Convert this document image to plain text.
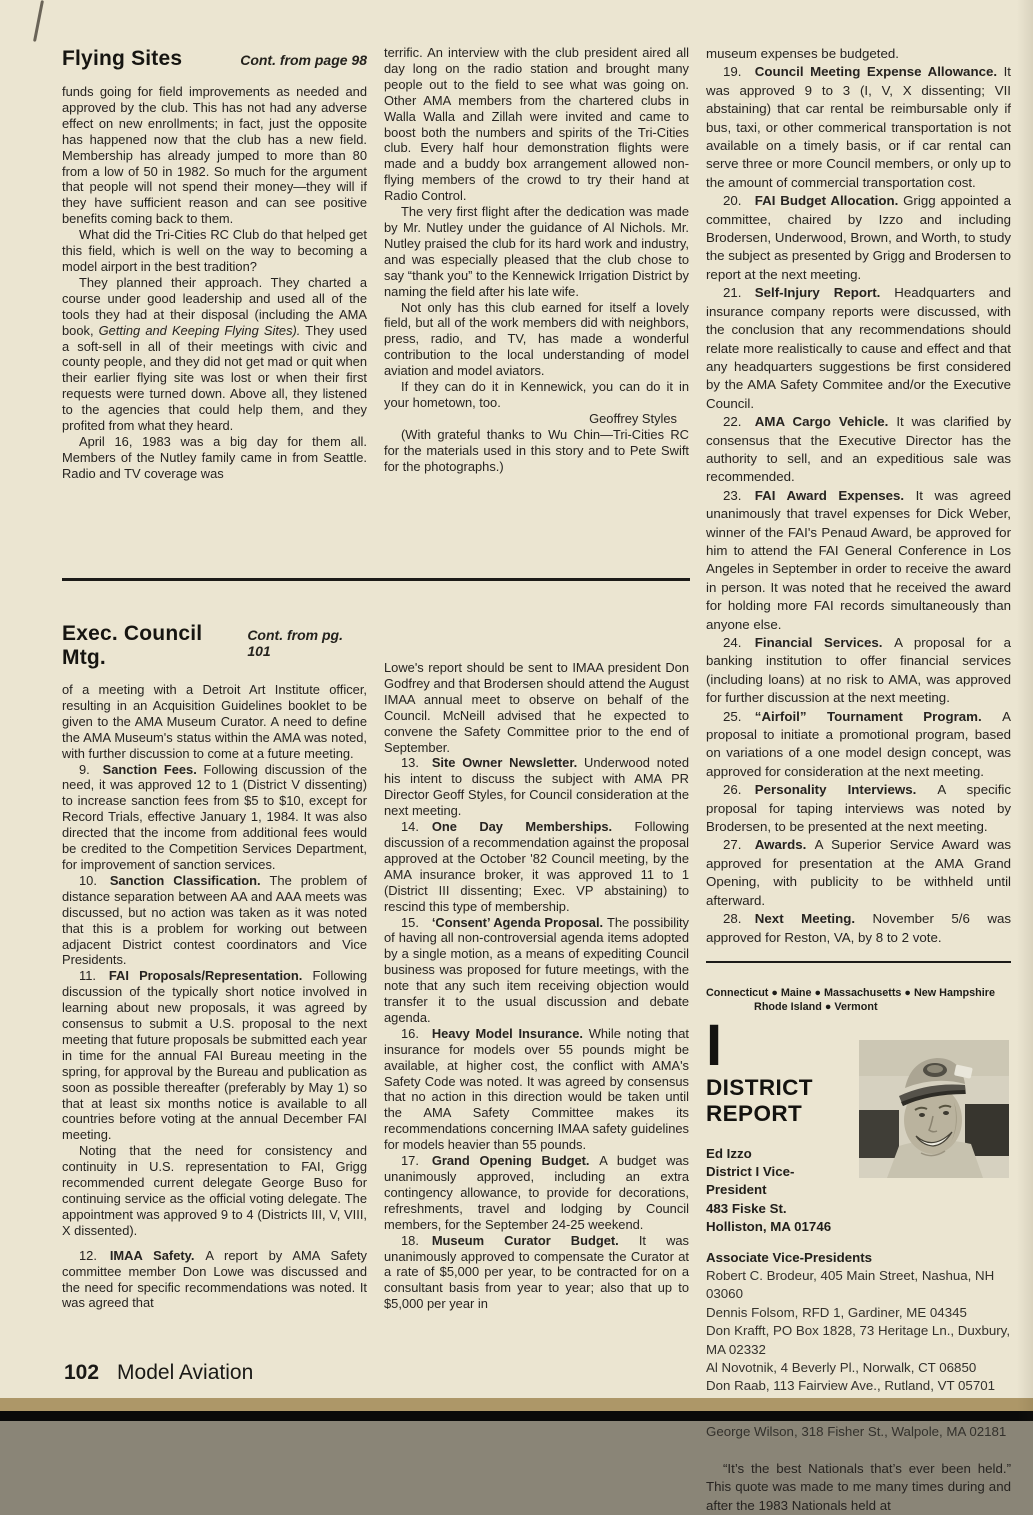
Flying Sites	Cont. from page 98

funds going for field improvements as needed and approved by the club. This has not had any adverse effect on new enrollments; in fact, just the opposite has happened now that the club has a new field. Membership has already jumped to more than 80 from a low of 50 in 1982. So much for the argument that people will not spend their money—they will if they have sufficient reason and can see positive benefits coming back to them.

What did the Tri-Cities RC Club do that helped get this field, which is well on the way to becoming a model airport in the best tradition?

They planned their approach. They charted a course under good leadership and used all of the tools they had at their disposal (including the AMA book, Getting and Keeping Flying Sites). They used a soft-sell in all of their meetings with civic and county people, and they did not get mad or quit when their earlier flying site was lost or when their first requests were turned down. Above all, they listened to the agencies that could help them, and they profited from what they heard.

April 16, 1983 was a big day for them all. Members of the Nutley family came in from Seattle. Radio and TV coverage was

Exec. Council Mtg.
Cont. from pg. 101

of a meeting with a Detroit Art Institute officer, resulting in an Acquisition Guidelines booklet to be given to the AMA Museum Curator. A need to define the AMA Museum's status within the AMA was noted, with further discussion to come at a future meeting.

9.  Sanction Fees. Following discussion of the need, it was approved 12 to 1 (District V dissenting) to increase sanction fees from $5 to $10, except for Record Trials, effective January 1, 1984. It was also directed that the income from additional fees would be credited to the Competition Services Department, for improvement of sanction services.

10.  Sanction Classification. The problem of distance separation between AA and AAA meets was discussed, but no action was taken as it was noted that this is a problem for working out between adjacent District contest coordinators and Vice Presidents.

11.  FAI Proposals/Representation. Following discussion of the typically short notice involved in learning about new proposals, it was agreed by consensus to submit a U.S. proposal to the next meeting that future proposals be submitted each year in time for the annual FAI Bureau meeting in the spring, for approval by the Bureau and publication as soon as possible thereafter (preferably by May 1) so that at least six months notice is available to all countries before voting at the annual December FAI meeting.

Noting that the need for consistency and continuity in U.S. representation to FAI, Grigg recommended current delegate George Buso for continuing service as the official voting delegate. The appointment was approved 9 to 4 (Districts III, V, VIII, X dissented).

12.  IMAA Safety. A report by AMA Safety committee member Don Lowe was discussed and the need for specific recommendations was noted. It was agreed that

terrific. An interview with the club president aired all day long on the radio station and brought many people out to the field to see what was going on. Other AMA members from the chartered clubs in Walla Walla and Zillah were invited and came to boost both the numbers and spirits of the Tri-Cities club. Every half hour demonstration flights were made and a buddy box arrangement allowed non-flying members of the crowd to try their hand at Radio Control.

The very first flight after the dedication was made by Mr. Nutley under the guidance of Al Nichols. Mr. Nutley praised the club for its hard work and industry, and was especially pleased that the club chose to say “thank you” to the Kennewick Irrigation District by naming the field after his late wife.

Not only has this club earned for itself a lovely field, but all of the work members did with neighbors, press, radio, and TV, has made a wonderful contribution to the local understanding of model aviation and model aviators.

If they can do it in Kennewick, you can do it in your hometown, too.

Geoffrey Styles

(With grateful thanks to Wu Chin—Tri-Cities RC for the materials used in this story and to Pete Swift for the photographs.)

Lowe's report should be sent to IMAA president Don Godfrey and that Brodersen should attend the August IMAA annual meet to observe on behalf of the Council. McNeill advised that he expected to convene the Safety Committee prior to the end of September.

13.  Site Owner Newsletter. Underwood noted his intent to discuss the subject with AMA PR Director Geoff Styles, for Council consideration at the next meeting.

14.  One Day Memberships. Following discussion of a recommendation against the proposal approved at the October '82 Council meeting, by the AMA insurance broker, it was approved 11 to 1 (District III dissenting; Exec. VP abstaining) to rescind this type of membership.

15.  ‘Consent’ Agenda Proposal. The possibility of having all non-controversial agenda items adopted by a single motion, as a means of expediting Council business was proposed for future meetings, with the note that any such item receiving objection would transfer it to the usual discussion and debate agenda.

16.  Heavy Model Insurance. While noting that insurance for models over 55 pounds might be available, at higher cost, the conflict with AMA's Safety Code was noted. It was agreed by consensus that no action in this direction would be taken until the AMA Safety Committee makes its recommendations concerning IMAA safety guidelines for models heavier than 55 pounds.

17.  Grand Opening Budget. A budget was unanimously approved, including an extra contingency allowance, to provide for decorations, refreshments, travel and lodging by Council members, for the September 24-25 weekend.

18.  Museum Curator Budget. It was unanimously approved to compensate the Curator at a rate of $5,000 per year, to be contracted for on a consultant basis from year to year; also that up to $5,000 per year in

museum expenses be budgeted.

19.  Council Meeting Expense Allowance. It was approved 9 to 3 (I, V, X dissenting; VII abstaining) that car rental be reimbursable only if bus, taxi, or other commerical transportation is not available on a timely basis, or if car rental can serve three or more Council members, or only up to the amount of commercial transportation cost.

20.  FAI Budget Allocation. Grigg appointed a committee, chaired by Izzo and including Brodersen, Underwood, Brown, and Worth, to study the subject as presented by Grigg and Brodersen to report at the next meeting.

21.  Self-Injury Report. Headquarters and insurance company reports were discussed, with the conclusion that any recommendations should relate more realistically to cause and effect and that any headquarters suggestions be first considered by the AMA Safety Commitee and/or the Executive Council.

22.  AMA Cargo Vehicle. It was clarified by consensus that the Executive Director has the authority to sell, and an expeditious sale was recommended.

23.  FAI Award Expenses. It was agreed unanimously that travel expenses for Dick Weber, winner of the FAI's Penaud Award, be approved for him to attend the FAI General Conference in Los Angeles in September in order to receive the award in person. It was noted that he received the award for holding more FAI records simultaneously than anyone else.

24.  Financial Services. A proposal for a banking institution to offer financial services (including loans) at no risk to AMA, was approved for further discussion at the next meeting.

25.  “Airfoil” Tournament Program. A proposal to initiate a promotional program, based on variations of a one model design concept, was approved for consideration at the next meeting.

26.  Personality Interviews. A specific proposal for taping interviews was noted by Brodersen, to be presented at the next meeting.

27.  Awards. A Superior Service Award was approved for presentation at the AMA Grand Opening, with publicity to be withheld until afterward.

28.  Next Meeting. November 5/6 was approved for Reston, VA, by 8 to 2 vote.

Connecticut ● Maine ● Massachusetts ● New Hampshire
Rhode Island ● Vermont
I
DISTRICT REPORT

Ed Izzo

District I Vice-President

483 Fiske St.

Holliston, MA 01746

Associate Vice-Presidents

Robert C. Brodeur, 405 Main Street, Nashua, NH 03060

Dennis Folsom, RFD 1, Gardiner, ME 04345

Don Krafft, PO Box 1828, 73 Heritage Ln., Duxbury, MA 02332

Al Novotnik, 4 Beverly Pl., Norwalk, CT 06850

Don Raab, 113 Fairview Ave., Rutland, VT 05701

George Wilson, 318 Fisher St., Walpole, MA 02181

“It’s the best Nationals that’s ever been held.” This quote was made to me many times during and after the 1983 Nationals held at

102 Model Aviation
